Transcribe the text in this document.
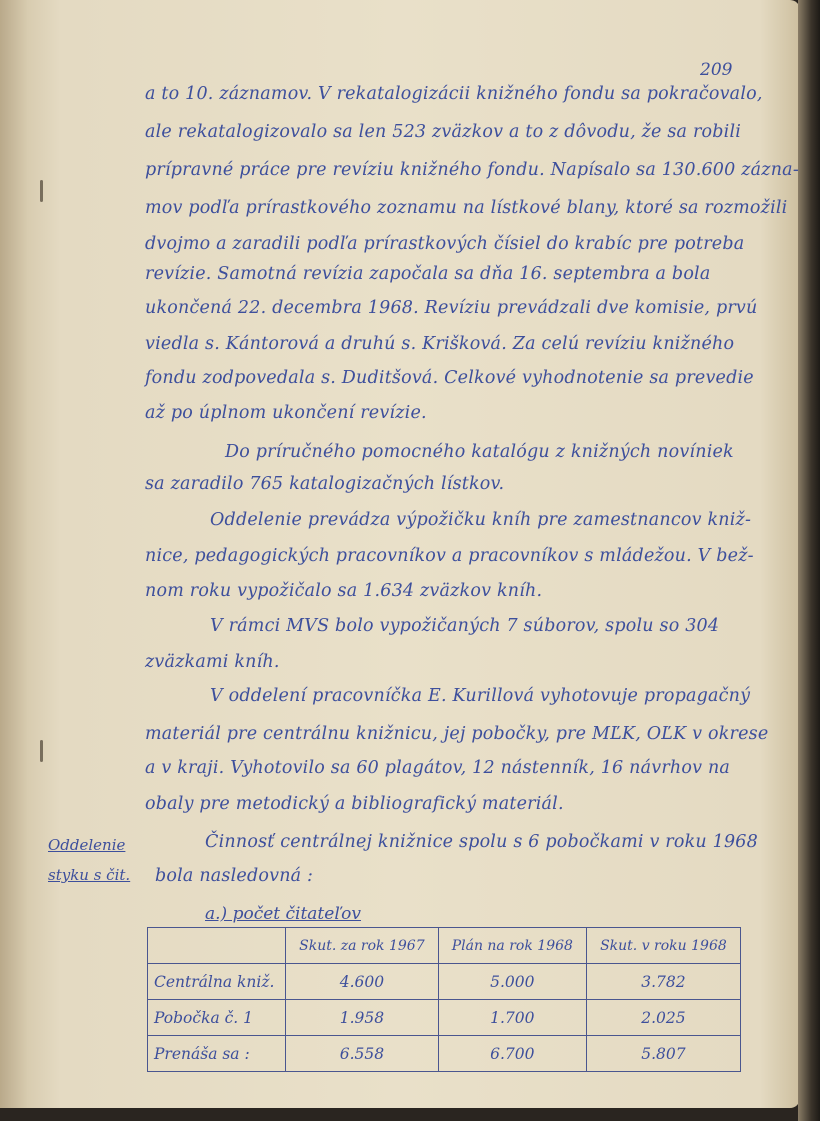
209
a to 10. záznamov. V rekatalogizácii knižného fondu sa pokračovalo,
ale rekatalogizovalo sa len 523 zväzkov a to z dôvodu, že sa robili
prípravné práce pre revíziu knižného fondu. Napísalo sa 130.600 zázna-
mov podľa prírastkového zoznamu na lístkové blany, ktoré sa rozmožili
dvojmo a zaradili podľa prírastkových čísiel do krabíc pre potreba
revízie. Samotná revízia započala sa dňa 16. septembra a bola
ukončená 22. decembra 1968. Revíziu prevádzali dve komisie, prvú
viedla s. Kántorová a druhú s. Krišková. Za celú revíziu knižného
fondu zodpovedala s. Duditšová. Celkové vyhodnotenie sa prevedie
až po úplnom ukončení revízie.
Do príručného pomocného katalógu z knižných novíniek
sa zaradilo 765 katalogizačných lístkov.
Oddelenie prevádza výpožičku kníh pre zamestnancov kniž-
nice, pedagogických pracovníkov a pracovníkov s mládežou. V bež-
nom roku vypožičalo sa 1.634 zväzkov kníh.
V rámci MVS bolo vypožičaných 7 súborov, spolu so 304
zväzkami kníh.
V oddelení pracovníčka E. Kurillová vyhotovuje propagačný
materiál pre centrálnu knižnicu, jej pobočky, pre MĽK, OĽK v okrese
a v kraji. Vyhotovilo sa 60 plagátov, 12 nástenník, 16 návrhov na
obaly pre metodický a bibliografický materiál.
Činnosť centrálnej knižnice spolu s 6 pobočkami v roku 1968
bola nasledovná :
Oddelenie
styku s čit.
a.) počet čitateľov
	Skut. za rok 1967	Plán na rok 1968	Skut. v roku 1968
Centrálna kniž.	4.600	5.000	3.782
Pobočka č. 1	1.958	1.700	2.025
Prenáša sa :	6.558	6.700	5.807
